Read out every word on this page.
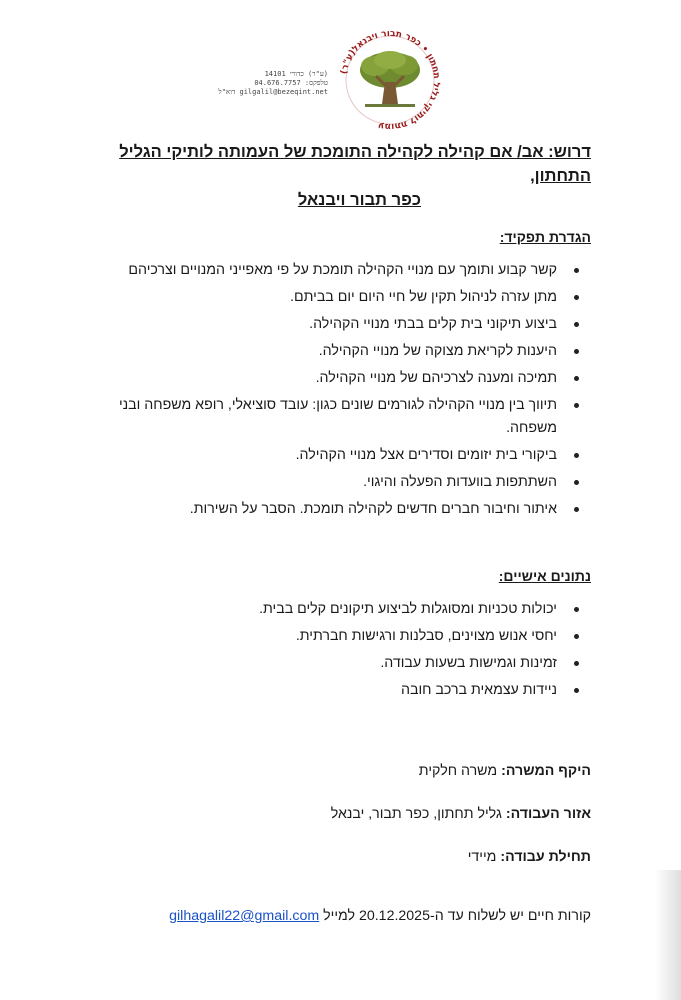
עמותת לותיקי גליל תחתון • כפר תבור ויבנאל(ע"ר)
(ע"ר) כדורי 14101
טלפקס: 04.676.7757
gilgalil@bezeqint.net דוא"ל
דרוש: אב/ אם קהילה לקהילה התומכת של העמותה לותיקי הגליל התחתון,
כפר תבור ויבנאל
הגדרת תפקיד:
קשר קבוע ותומך עם מנויי הקהילה תומכת על פי מאפייני המנויים וצרכיהם
מתן עזרה לניהול תקין של חיי היום יום בביתם.
ביצוע תיקוני בית קלים בבתי מנויי הקהילה.
היענות לקריאת מצוקה של מנויי הקהילה.
תמיכה ומענה לצרכיהם של מנויי הקהילה.
תיווך בין מנויי הקהילה לגורמים שונים כגון: עובד סוציאלי, רופא משפחה ובני משפחה.
ביקורי בית יזומים וסדירים אצל מנויי הקהילה.
השתתפות בוועדות הפעלה והיגוי.
איתור וחיבור חברים חדשים לקהילה תומכת. הסבר על השירות.
נתונים אישיים:
יכולות טכניות ומסוגלות לביצוע תיקונים קלים בבית.
יחסי אנוש מצוינים, סבלנות ורגישות חברתית.
זמינות וגמישות בשעות עבודה.
ניידות עצמאית ברכב חובה
היקף המשרה: משרה חלקית
אזור העבודה: גליל תחתון, כפר תבור, יבנאל
תחילת עבודה: מיידי
קורות חיים יש לשלוח עד ה-20.12.2025 למייל gilhagalil22@gmail.com
